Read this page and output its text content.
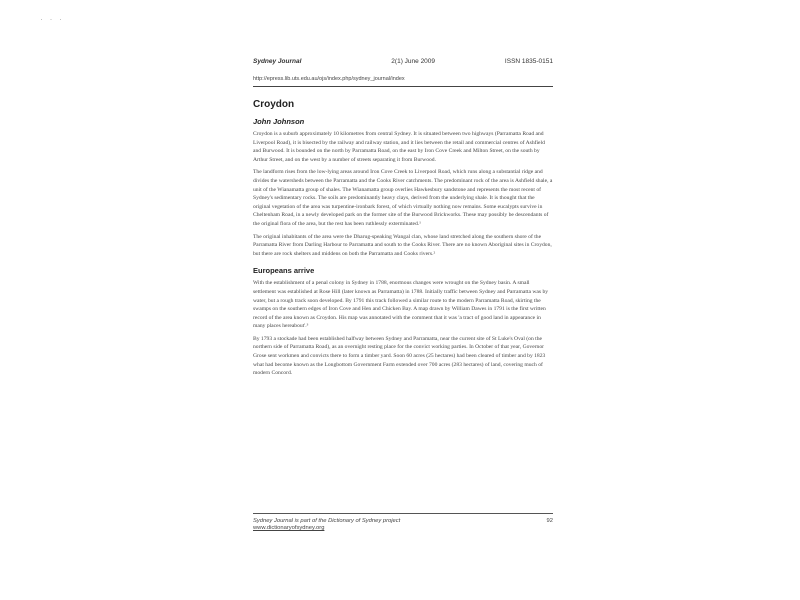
· · ·
Sydney Journal	2(1) June 2009	ISSN 1835-0151
http://epress.lib.uts.edu.au/ojs/index.php/sydney_journal/index
Croydon
John Johnson
Croydon is a suburb approximately 10 kilometres from central Sydney. It is situated between two highways (Parramatta Road and Liverpool Road), it is bisected by the railway and railway station, and it lies between the retail and commercial centres of Ashfield and Burwood. It is bounded on the north by Parramatta Road, on the east by Iron Cove Creek and Milton Street, on the south by Arthur Street, and on the west by a number of streets separating it from Burwood.
The landform rises from the low-lying areas around Iron Cove Creek to Liverpool Road, which runs along a substantial ridge and divides the watersheds between the Parramatta and the Cooks River catchments. The predominant rock of the area is Ashfield shale, a unit of the Wianamatta group of shales. The Wianamatta group overlies Hawkesbury sandstone and represents the most recent of Sydney's sedimentary rocks. The soils are predominantly heavy clays, derived from the underlying shale. It is thought that the original vegetation of the area was turpentine-ironbark forest, of which virtually nothing now remains. Some eucalypts survive in Cheltenham Road, in a newly developed park on the former site of the Burwood Brickworks. These may possibly be descendants of the original flora of the area, but the rest has been ruthlessly exterminated.¹
The original inhabitants of the area were the Dharug-speaking Wangal clan, whose land stretched along the southern shore of the Parramatta River from Darling Harbour to Parramatta and south to the Cooks River. There are no known Aboriginal sites in Croydon, but there are rock shelters and middens on both the Parramatta and Cooks rivers.²
Europeans arrive
With the establishment of a penal colony in Sydney in 1788, enormous changes were wrought on the Sydney basin. A small settlement was established at Rose Hill (later known as Parramatta) in 1788. Initially traffic between Sydney and Parramatta was by water, but a rough track soon developed. By 1791 this track followed a similar route to the modern Parramatta Road, skirting the swamps on the southern edges of Iron Cove and Hen and Chicken Bay. A map drawn by William Dawes in 1791 is the first written record of the area known as Croydon. His map was annotated with the comment that it was 'a tract of good land in appearance in many places hereabout'.³
By 1793 a stockade had been established halfway between Sydney and Parramatta, near the current site of St Luke's Oval (on the northern side of Parramatta Road), as an overnight resting place for the convict working parties. In October of that year, Governor Grose sent workmen and convicts there to form a timber yard. Soon 60 acres (25 hectares) had been cleared of timber and by 1823 what had become known as the Longbottom Government Farm extended over 700 acres (283 hectares) of land, covering much of modern Concord.
Sydney Journal is part of the Dictionary of Sydney project	92
www.dictionaryofsydney.org
